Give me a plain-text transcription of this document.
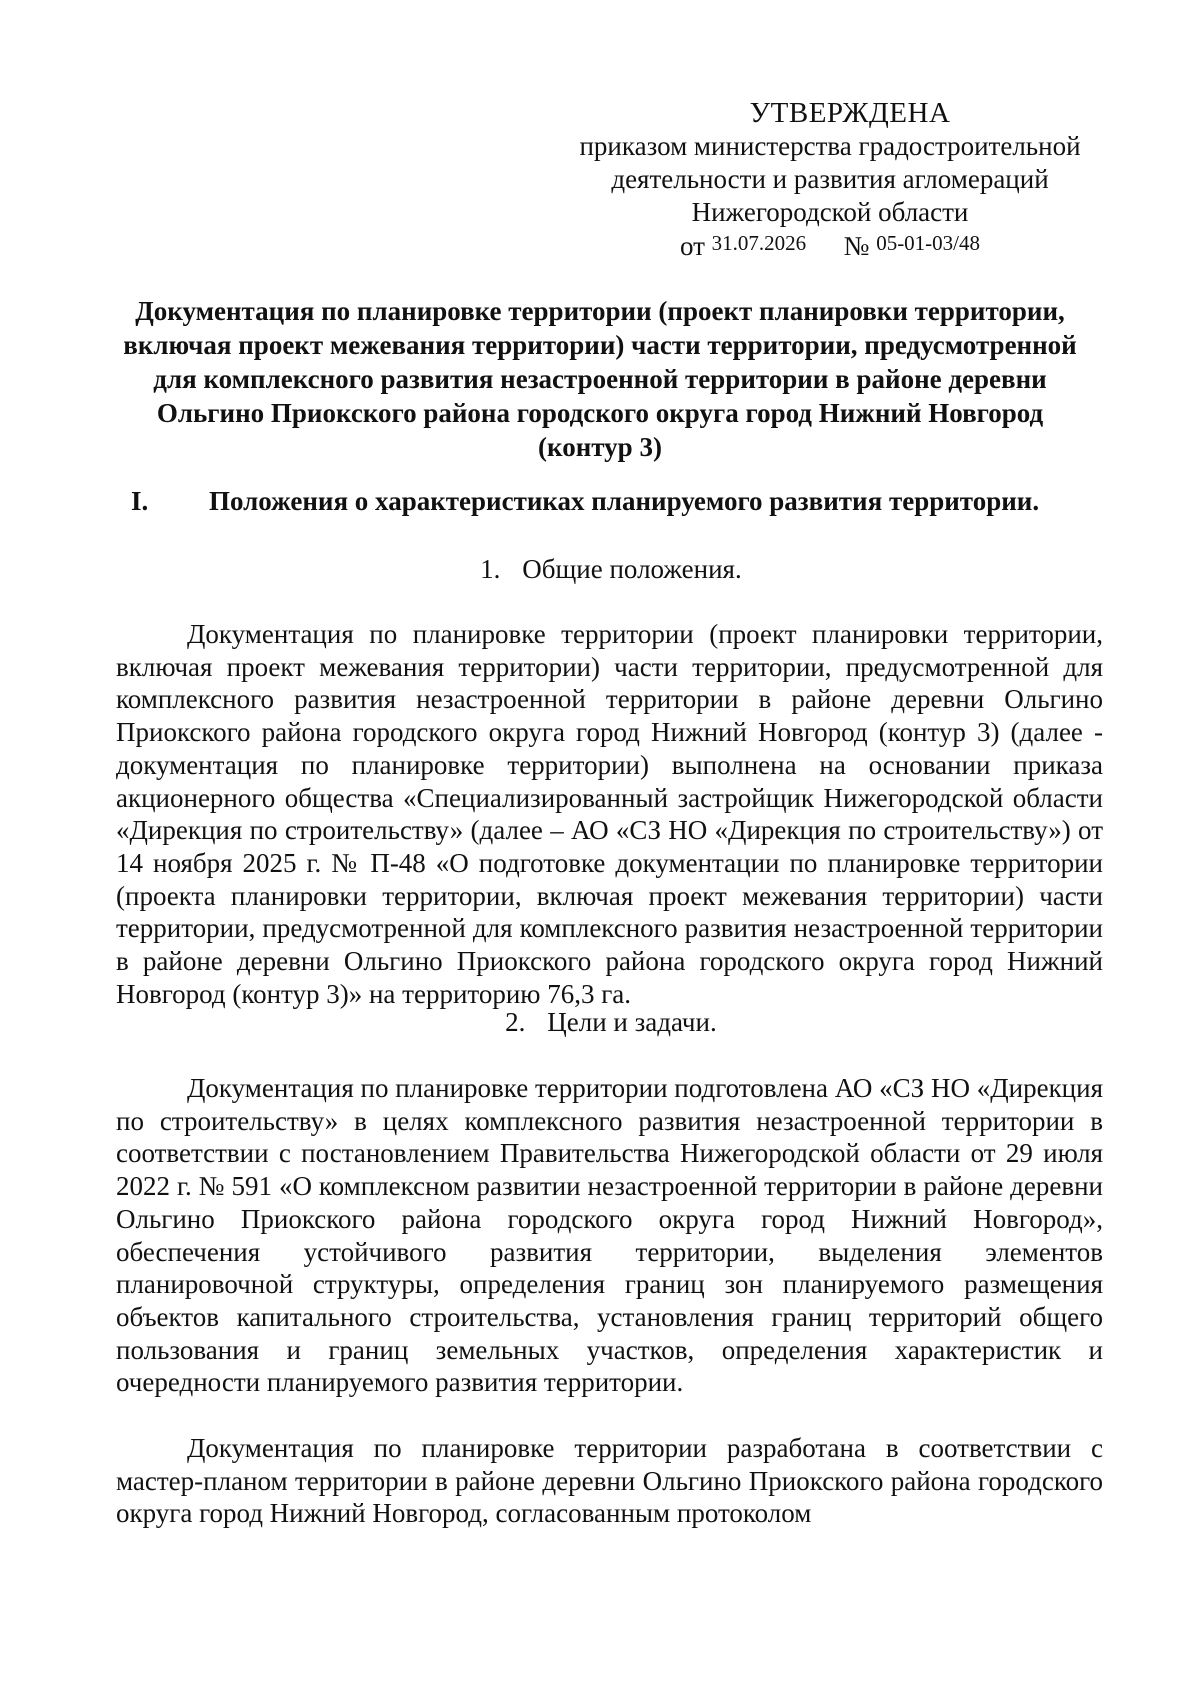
УТВЕРЖДЕНА
приказом министерства градостроительной
деятельности и развития агломераций
Нижегородской области
от 31.07.2026 № 05-01-03/48
Документация по планировке территории (проект планировки территории, включая проект межевания территории) части территории, предусмотренной для комплексного развития незастроенной территории в районе деревни Ольгино Приокского района городского округа город Нижний Новгород (контур 3)
I. Положения о характеристиках планируемого развития территории.
1. Общие положения.

Документация по планировке территории (проект планировки территории, включая проект межевания территории) части территории, предусмотренной для комплексного развития незастроенной территории в районе деревни Ольгино Приокского района городского округа город Нижний Новгород (контур 3) (далее - документация по планировке территории) выполнена на основании приказа акционерного общества «Специализированный застройщик Нижегородской области «Дирекция по строительству» (далее – АО «СЗ НО «Дирекция по строительству») от 14 ноября 2025 г. № П-48 «О подготовке документации по планировке территории (проекта планировки территории, включая проект межевания территории) части территории, предусмотренной для комплексного развития незастроенной территории в районе деревни Ольгино Приокского района городского округа город Нижний Новгород (контур 3)» на территорию 76,3 га.

2. Цели и задачи.

Документация по планировке территории подготовлена АО «СЗ НО «Дирекция по строительству» в целях комплексного развития незастроенной территории в соответствии с постановлением Правительства Нижегородской области от 29 июля 2022 г. № 591 «О комплексном развитии незастроенной территории в районе деревни Ольгино Приокского района городского округа город Нижний Новгород», обеспечения устойчивого развития территории, выделения элементов планировочной структуры, определения границ зон планируемого размещения объектов капитального строительства, установления границ территорий общего пользования и границ земельных участков, определения характеристик и очередности планируемого развития территории.

Документация по планировке территории разработана в соответствии с мастер-планом территории в районе деревни Ольгино Приокского района городского округа город Нижний Новгород, согласованным протоколом
